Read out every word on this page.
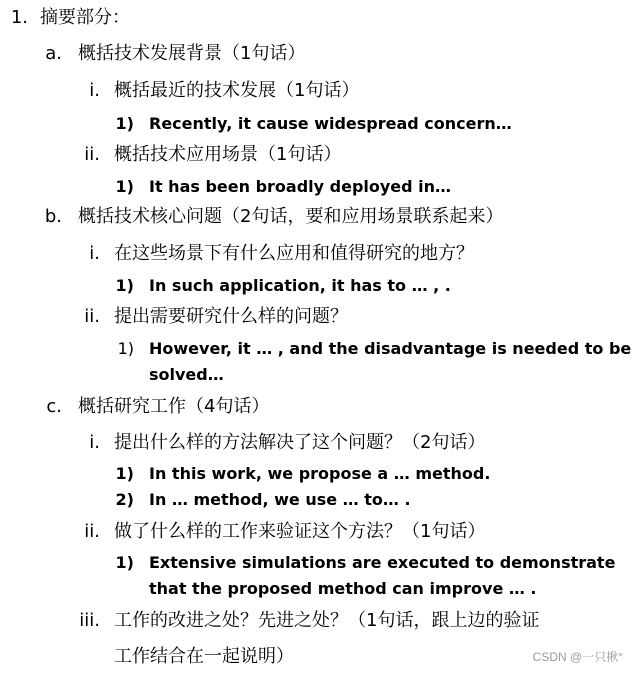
1. 摘要部分：
a. 概括技术发展背景（1句话）
i. 概括最近的技术发展（1句话）
1) Recently, it cause widespread concern…
ii. 概括技术应用场景（1句话）
1) It has been broadly deployed in…
b. 概括技术核心问题（2句话，要和应用场景联系起来）
i. 在这些场景下有什么应用和值得研究的地方？
1) In such application, it has to … , .
ii. 提出需要研究什么样的问题？
1) However, it … , and the disadvantage is needed to be
solved…
c. 概括研究工作（4句话）
i. 提出什么样的方法解决了这个问题？（2句话）
1) In this work, we propose a … method.
2) In … method, we use … to… .
ii. 做了什么样的工作来验证这个方法？（1句话）
1) Extensive simulations are executed to demonstrate
that the proposed method can improve … .
iii. 工作的改进之处？先进之处？（1句话，跟上边的验证
工作结合在一起说明）	CSDN @一只揪°
